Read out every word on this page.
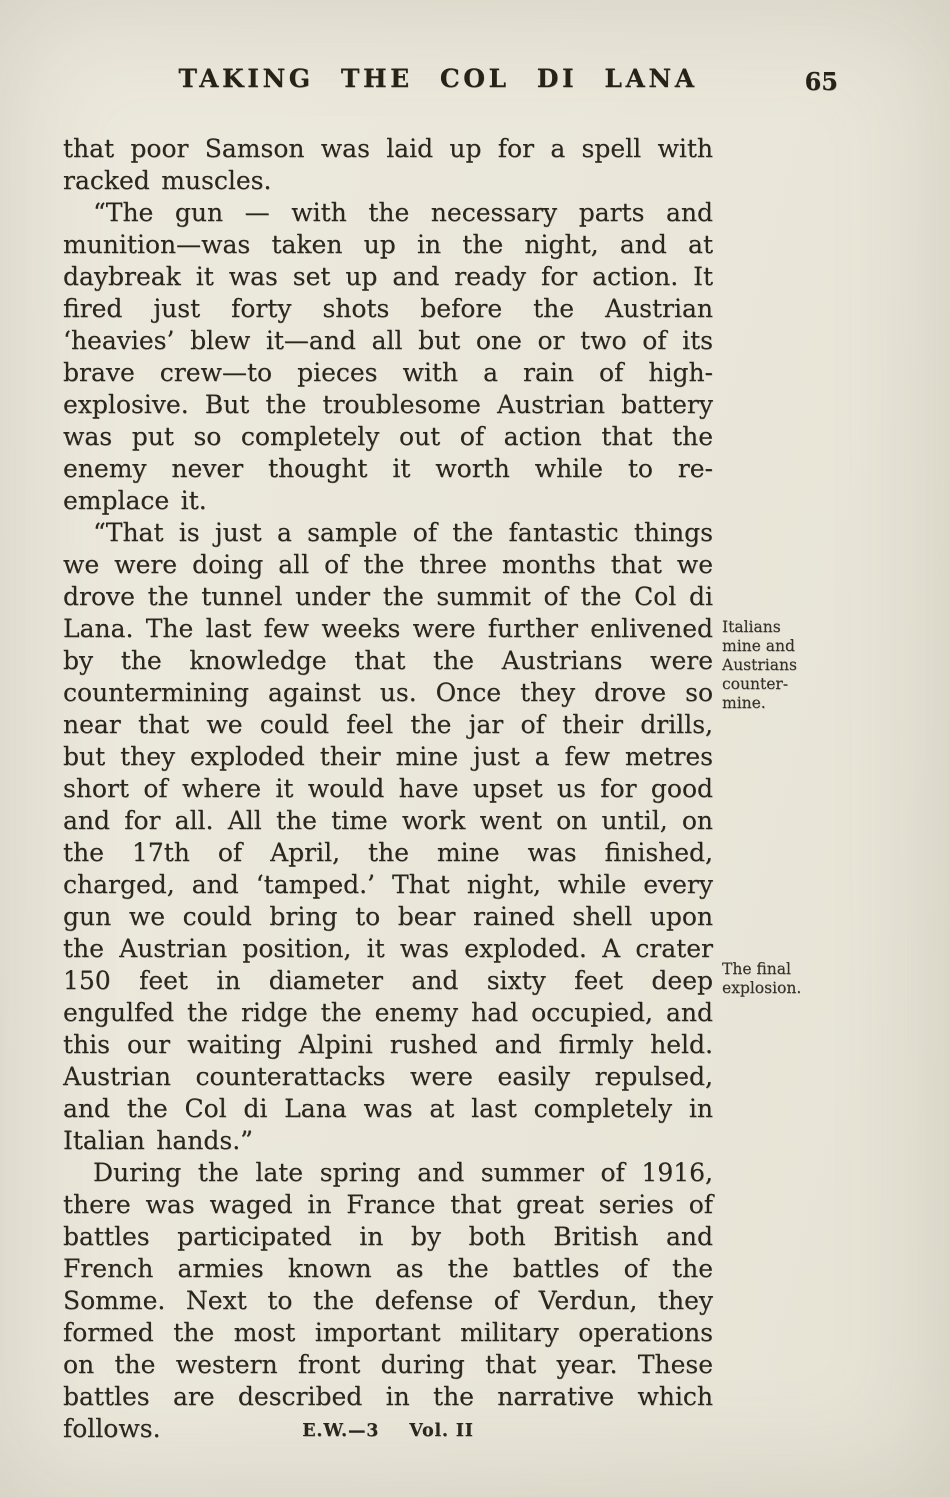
TAKING THE COL DI LANA	65

that poor Samson was laid up for a spell with racked muscles.

“The gun — with the necessary parts and munition—was taken up in the night, and at daybreak it was set up and ready for action. It fired just forty shots before the Austrian ‘heavies’ blew it—and all but one or two of its brave crew—to pieces with a rain of high-explosive. But the troublesome Austrian battery was put so completely out of action that the enemy never thought it worth while to re-emplace it.

“That is just a sample of the fantastic things we were doing all of the three months that we drove the tunnel under the summit of the Col di Lana. The last few weeks were further enlivened by the knowledge that the Austrians were countermining against us. Once they drove so near that we could feel the jar of their drills, but they exploded their mine just a few metres short of where it would have upset us for good and for all. All the time work went on until, on the 17th of April, the mine was finished, charged, and ‘tamped.’ That night, while every gun we could bring to bear rained shell upon the Austrian position, it was exploded. A crater 150 feet in diameter and sixty feet deep engulfed the ridge the enemy had occupied, and this our waiting Alpini rushed and firmly held. Austrian counterattacks were easily repulsed, and the Col di Lana was at last completely in Italian hands.”

During the late spring and summer of 1916, there was waged in France that great series of battles participated in by both British and French armies known as the battles of the Somme. Next to the defense of Verdun, they formed the most important military operations on the western front during that year. These battles are described in the narrative which follows.

Italians mine and Austrians counter-mine.
The final explosion.
E.W.—3 Vol. II
